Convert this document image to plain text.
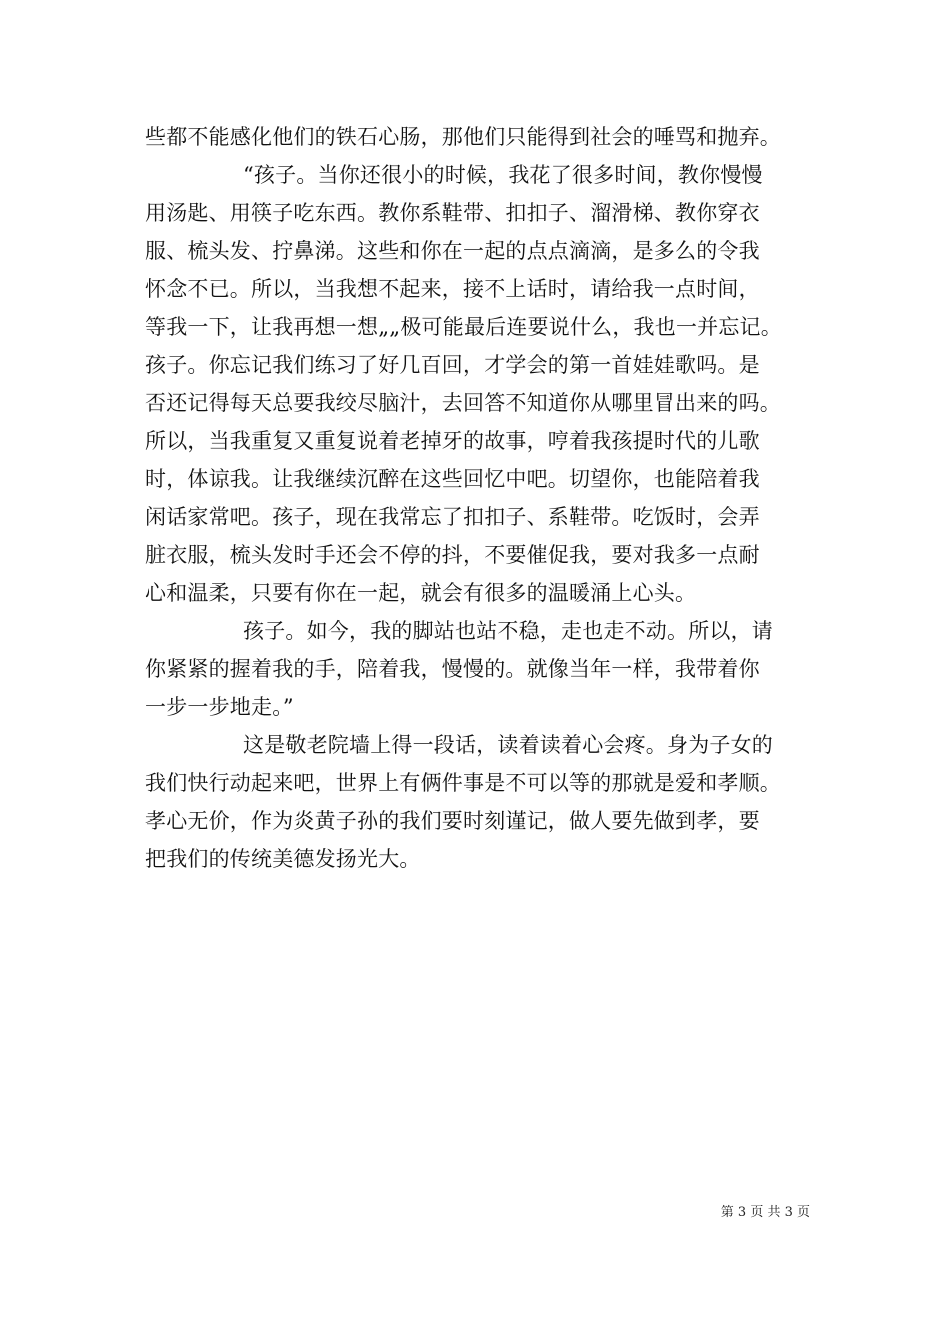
些都不能感化他们的铁石心肠，那他们只能得到社会的唾骂和抛弃。
“孩子。当你还很小的时候，我花了很多时间，教你慢慢
用汤匙、用筷子吃东西。教你系鞋带、扣扣子、溜滑梯、教你穿衣
服、梳头发、拧鼻涕。这些和你在一起的点点滴滴，是多么的令我
怀念不已。所以，当我想不起来，接不上话时，请给我一点时间，
等我一下，让我再想一想„„极可能最后连要说什么，我也一并忘记。
孩子。你忘记我们练习了好几百回，才学会的第一首娃娃歌吗。是
否还记得每天总要我绞尽脑汁，去回答不知道你从哪里冒出来的吗。
所以，当我重复又重复说着老掉牙的故事，哼着我孩提时代的儿歌
时，体谅我。让我继续沉醉在这些回忆中吧。切望你，也能陪着我
闲话家常吧。孩子，现在我常忘了扣扣子、系鞋带。吃饭时，会弄
脏衣服，梳头发时手还会不停的抖，不要催促我，要对我多一点耐
心和温柔，只要有你在一起，就会有很多的温暖涌上心头。
孩子。如今，我的脚站也站不稳，走也走不动。所以，请
你紧紧的握着我的手，陪着我，慢慢的。就像当年一样，我带着你
一步一步地走。”
这是敬老院墙上得一段话，读着读着心会疼。身为子女的
我们快行动起来吧，世界上有俩件事是不可以等的那就是爱和孝顺。
孝心无价，作为炎黄子孙的我们要时刻谨记，做人要先做到孝，要
把我们的传统美德发扬光大。
第 3 页 共 3 页
